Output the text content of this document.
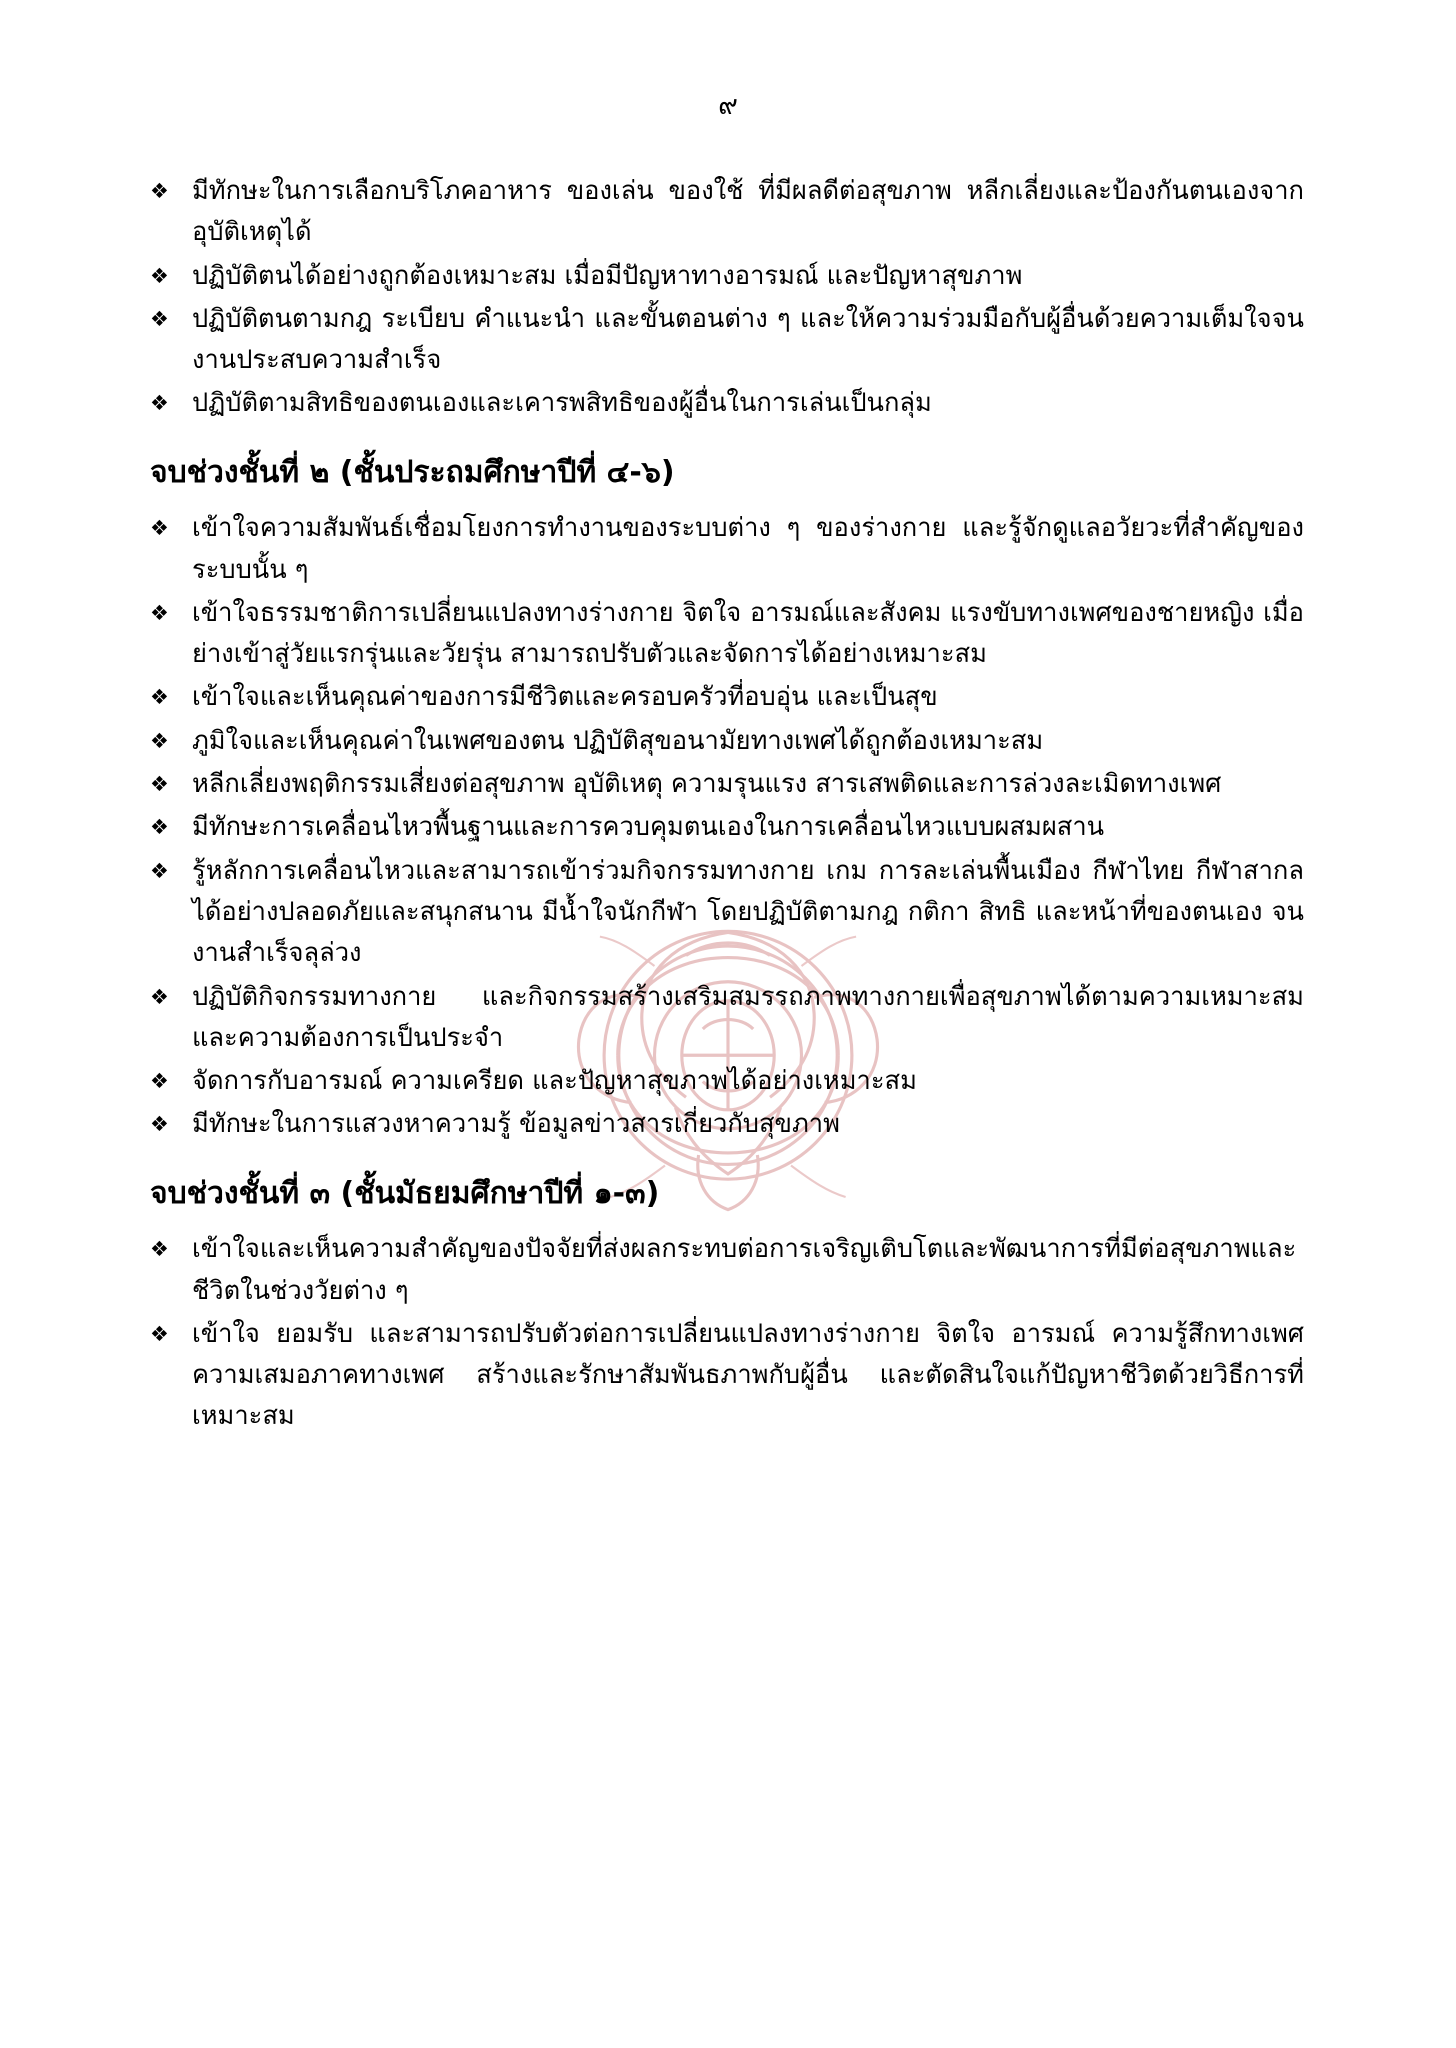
๙
❖ มีทักษะในการเลือกบริโภคอาหาร ของเล่น ของใช้ ที่มีผลดีต่อสุขภาพ หลีกเลี่ยงและป้องกันตนเองจากอุบัติเหตุได้
❖ ปฏิบัติตนได้อย่างถูกต้องเหมาะสม เมื่อมีปัญหาทางอารมณ์ และปัญหาสุขภาพ
❖ ปฏิบัติตนตามกฎ ระเบียบ คำแนะนำ และขั้นตอนต่าง ๆ และให้ความร่วมมือกับผู้อื่นด้วยความเต็มใจจนงานประสบความสำเร็จ
❖ ปฏิบัติตามสิทธิของตนเองและเคารพสิทธิของผู้อื่นในการเล่นเป็นกลุ่ม
จบช่วงชั้นที่ ๒ (ชั้นประถมศึกษาปีที่ ๔-๖)
❖ เข้าใจความสัมพันธ์เชื่อมโยงการทำงานของระบบต่าง ๆ ของร่างกาย และรู้จักดูแลอวัยวะที่สำคัญของระบบนั้น ๆ
❖ เข้าใจธรรมชาติการเปลี่ยนแปลงทางร่างกาย จิตใจ อารมณ์และสังคม แรงขับทางเพศของชายหญิง เมื่อย่างเข้าสู่วัยแรกรุ่นและวัยรุ่น สามารถปรับตัวและจัดการได้อย่างเหมาะสม
❖ เข้าใจและเห็นคุณค่าของการมีชีวิตและครอบครัวที่อบอุ่น และเป็นสุข
❖ ภูมิใจและเห็นคุณค่าในเพศของตน ปฏิบัติสุขอนามัยทางเพศได้ถูกต้องเหมาะสม
❖ หลีกเลี่ยงพฤติกรรมเสี่ยงต่อสุขภาพ อุบัติเหตุ ความรุนแรง สารเสพติดและการล่วงละเมิดทางเพศ
❖ มีทักษะการเคลื่อนไหวพื้นฐานและการควบคุมตนเองในการเคลื่อนไหวแบบผสมผสาน
❖ รู้หลักการเคลื่อนไหวและสามารถเข้าร่วมกิจกรรมทางกาย เกม การละเล่นพื้นเมือง กีฬาไทย กีฬาสากลได้อย่างปลอดภัยและสนุกสนาน มีน้ำใจนักกีฬา โดยปฏิบัติตามกฎ กติกา สิทธิ และหน้าที่ของตนเอง จนงานสำเร็จลุล่วง
❖ ปฏิบัติกิจกรรมทางกาย และกิจกรรมสร้างเสริมสมรรถภาพทางกายเพื่อสุขภาพได้ตามความเหมาะสมและความต้องการเป็นประจำ
❖ จัดการกับอารมณ์ ความเครียด และปัญหาสุขภาพได้อย่างเหมาะสม
❖ มีทักษะในการแสวงหาความรู้ ข้อมูลข่าวสารเกี่ยวกับสุขภาพ
จบช่วงชั้นที่ ๓ (ชั้นมัธยมศึกษาปีที่ ๑-๓)
❖ เข้าใจและเห็นความสำคัญของปัจจัยที่ส่งผลกระทบต่อการเจริญเติบโตและพัฒนาการที่มีต่อสุขภาพและชีวิตในช่วงวัยต่าง ๆ
❖ เข้าใจ ยอมรับ และสามารถปรับตัวต่อการเปลี่ยนแปลงทางร่างกาย จิตใจ อารมณ์ ความรู้สึกทางเพศ ความเสมอภาคทางเพศ สร้างและรักษาสัมพันธภาพกับผู้อื่น และตัดสินใจแก้ปัญหาชีวิตด้วยวิธีการที่เหมาะสม
